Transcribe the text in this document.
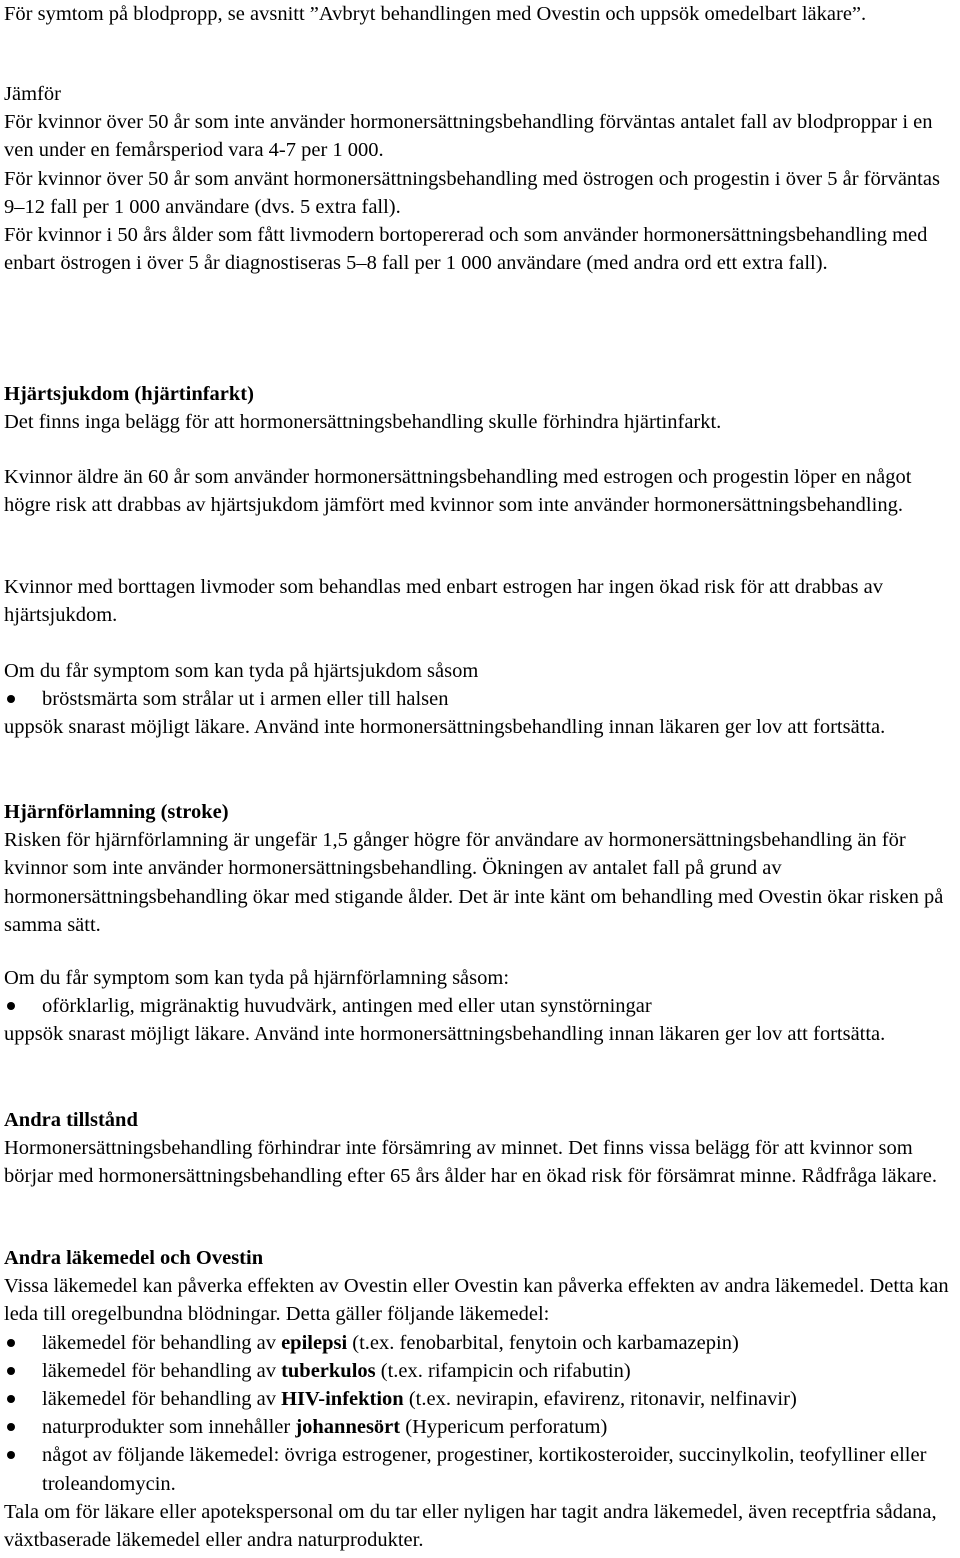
För symtom på blodpropp, se avsnitt ”Avbryt behandlingen med Ovestin och uppsök omedelbart läkare”.

Jämför

För kvinnor över 50 år som inte använder hormonersättningsbehandling förväntas antalet fall av blodproppar i en ven under en femårsperiod vara 4-7 per 1 000.

För kvinnor över 50 år som använt hormonersättningsbehandling med östrogen och progestin i över 5 år förväntas 9–12 fall per 1 000 användare (dvs. 5 extra fall).

För kvinnor i 50 års ålder som fått livmodern bortopererad och som använder hormonersättningsbehandling med enbart östrogen i över 5 år diagnostiseras 5–8 fall per 1 000 användare (med andra ord ett extra fall).

Hjärtsjukdom (hjärtinfarkt)

Det finns inga belägg för att hormonersättningsbehandling skulle förhindra hjärtinfarkt.

Kvinnor äldre än 60 år som använder hormonersättningsbehandling med estrogen och progestin löper en något högre risk att drabbas av hjärtsjukdom jämfört med kvinnor som inte använder hormonersättningsbehandling.

Kvinnor med borttagen livmoder som behandlas med enbart estrogen har ingen ökad risk för att drabbas av hjärtsjukdom.

Om du får symptom som kan tyda på hjärtsjukdom såsom

bröstsmärta som strålar ut i armen eller till halsen

uppsök snarast möjligt läkare. Använd inte hormonersättningsbehandling innan läkaren ger lov att fortsätta.

Hjärnförlamning (stroke)

Risken för hjärnförlamning är ungefär 1,5 gånger högre för användare av hormonersättningsbehandling än för kvinnor som inte använder hormonersättningsbehandling. Ökningen av antalet fall på grund av hormonersättningsbehandling ökar med stigande ålder. Det är inte känt om behandling med Ovestin ökar risken på samma sätt.

Om du får symptom som kan tyda på hjärnförlamning såsom:

oförklarlig, migränaktig huvudvärk, antingen med eller utan synstörningar

uppsök snarast möjligt läkare. Använd inte hormonersättningsbehandling innan läkaren ger lov att fortsätta.

Andra tillstånd

Hormonersättningsbehandling förhindrar inte försämring av minnet. Det finns vissa belägg för att kvinnor som börjar med hormonersättningsbehandling efter 65 års ålder har en ökad risk för försämrat minne. Rådfråga läkare.

Andra läkemedel och Ovestin

Vissa läkemedel kan påverka effekten av Ovestin eller Ovestin kan påverka effekten av andra läkemedel. Detta kan leda till oregelbundna blödningar. Detta gäller följande läkemedel:

läkemedel för behandling av epilepsi (t.ex. fenobarbital, fenytoin och karbamazepin)
läkemedel för behandling av tuberkulos (t.ex. rifampicin och rifabutin)
läkemedel för behandling av HIV-infektion (t.ex. nevirapin, efavirenz, ritonavir, nelfinavir)
naturprodukter som innehåller johannesört (Hypericum perforatum)
något av följande läkemedel: övriga estrogener, progestiner, kortikosteroider, succinylkolin, teofylliner eller troleandomycin.

Tala om för läkare eller apotekspersonal om du tar eller nyligen har tagit andra läkemedel, även receptfria sådana, växtbaserade läkemedel eller andra naturprodukter.
